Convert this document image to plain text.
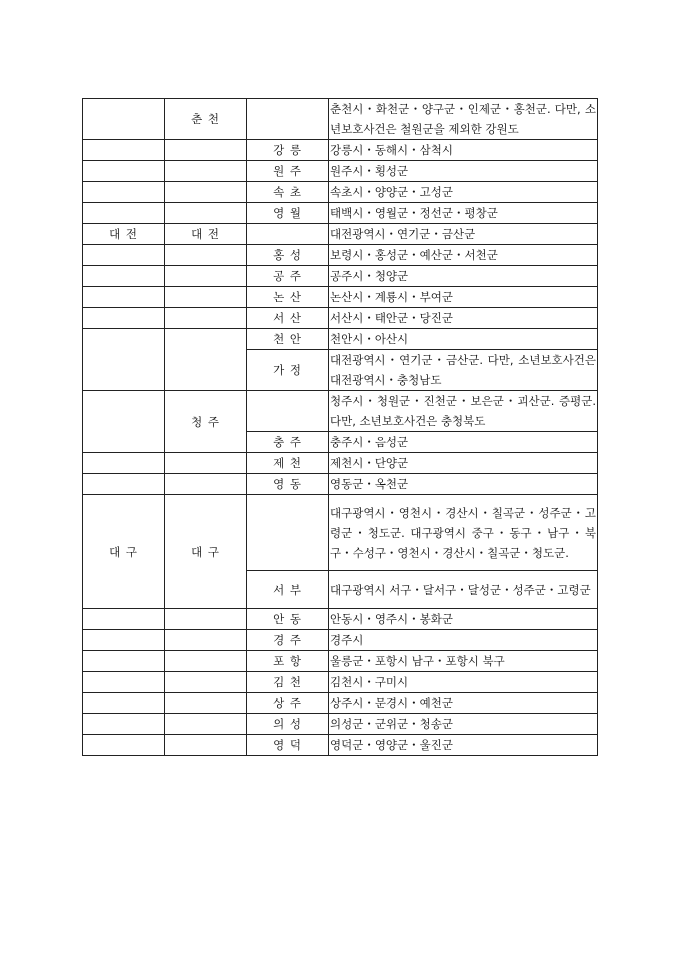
	춘 천		춘천시・화천군・양구군・인제군・홍천군. 다만, 소년보호사건은 철원군을 제외한 강원도
		강 릉	강릉시・동해시・삼척시
		원 주	원주시・횡성군
		속 초	속초시・양양군・고성군
		영 월	태백시・영월군・정선군・평창군
대 전	대 전		대전광역시・연기군・금산군
		홍 성	보령시・홍성군・예산군・서천군
		공 주	공주시・청양군
		논 산	논산시・계룡시・부여군
		서 산	서산시・태안군・당진군
		천 안	천안시・아산시
		가 정	대전광역시・연기군・금산군. 다만, 소년보호사건은 대전광역시・충청남도
	청 주		청주시・청원군・진천군・보은군・괴산군. 증평군. 다만, 소년보호사건은 충청북도
		충 주	충주시・음성군
		제 천	제천시・단양군
		영 동	영동군・옥천군
대 구	대 구		대구광역시・영천시・경산시・칠곡군・성주군・고령군・청도군. 대구광역시 중구・동구・남구・북구・수성구・영천시・경산시・칠곡군・청도군.
		서 부	대구광역시 서구・달서구・달성군・성주군・고령군
		안 동	안동시・영주시・봉화군
		경 주	경주시
		포 항	울릉군・포항시 남구・포항시 북구
		김 천	김천시・구미시
		상 주	상주시・문경시・예천군
		의 성	의성군・군위군・청송군
		영 덕	영덕군・영양군・울진군
